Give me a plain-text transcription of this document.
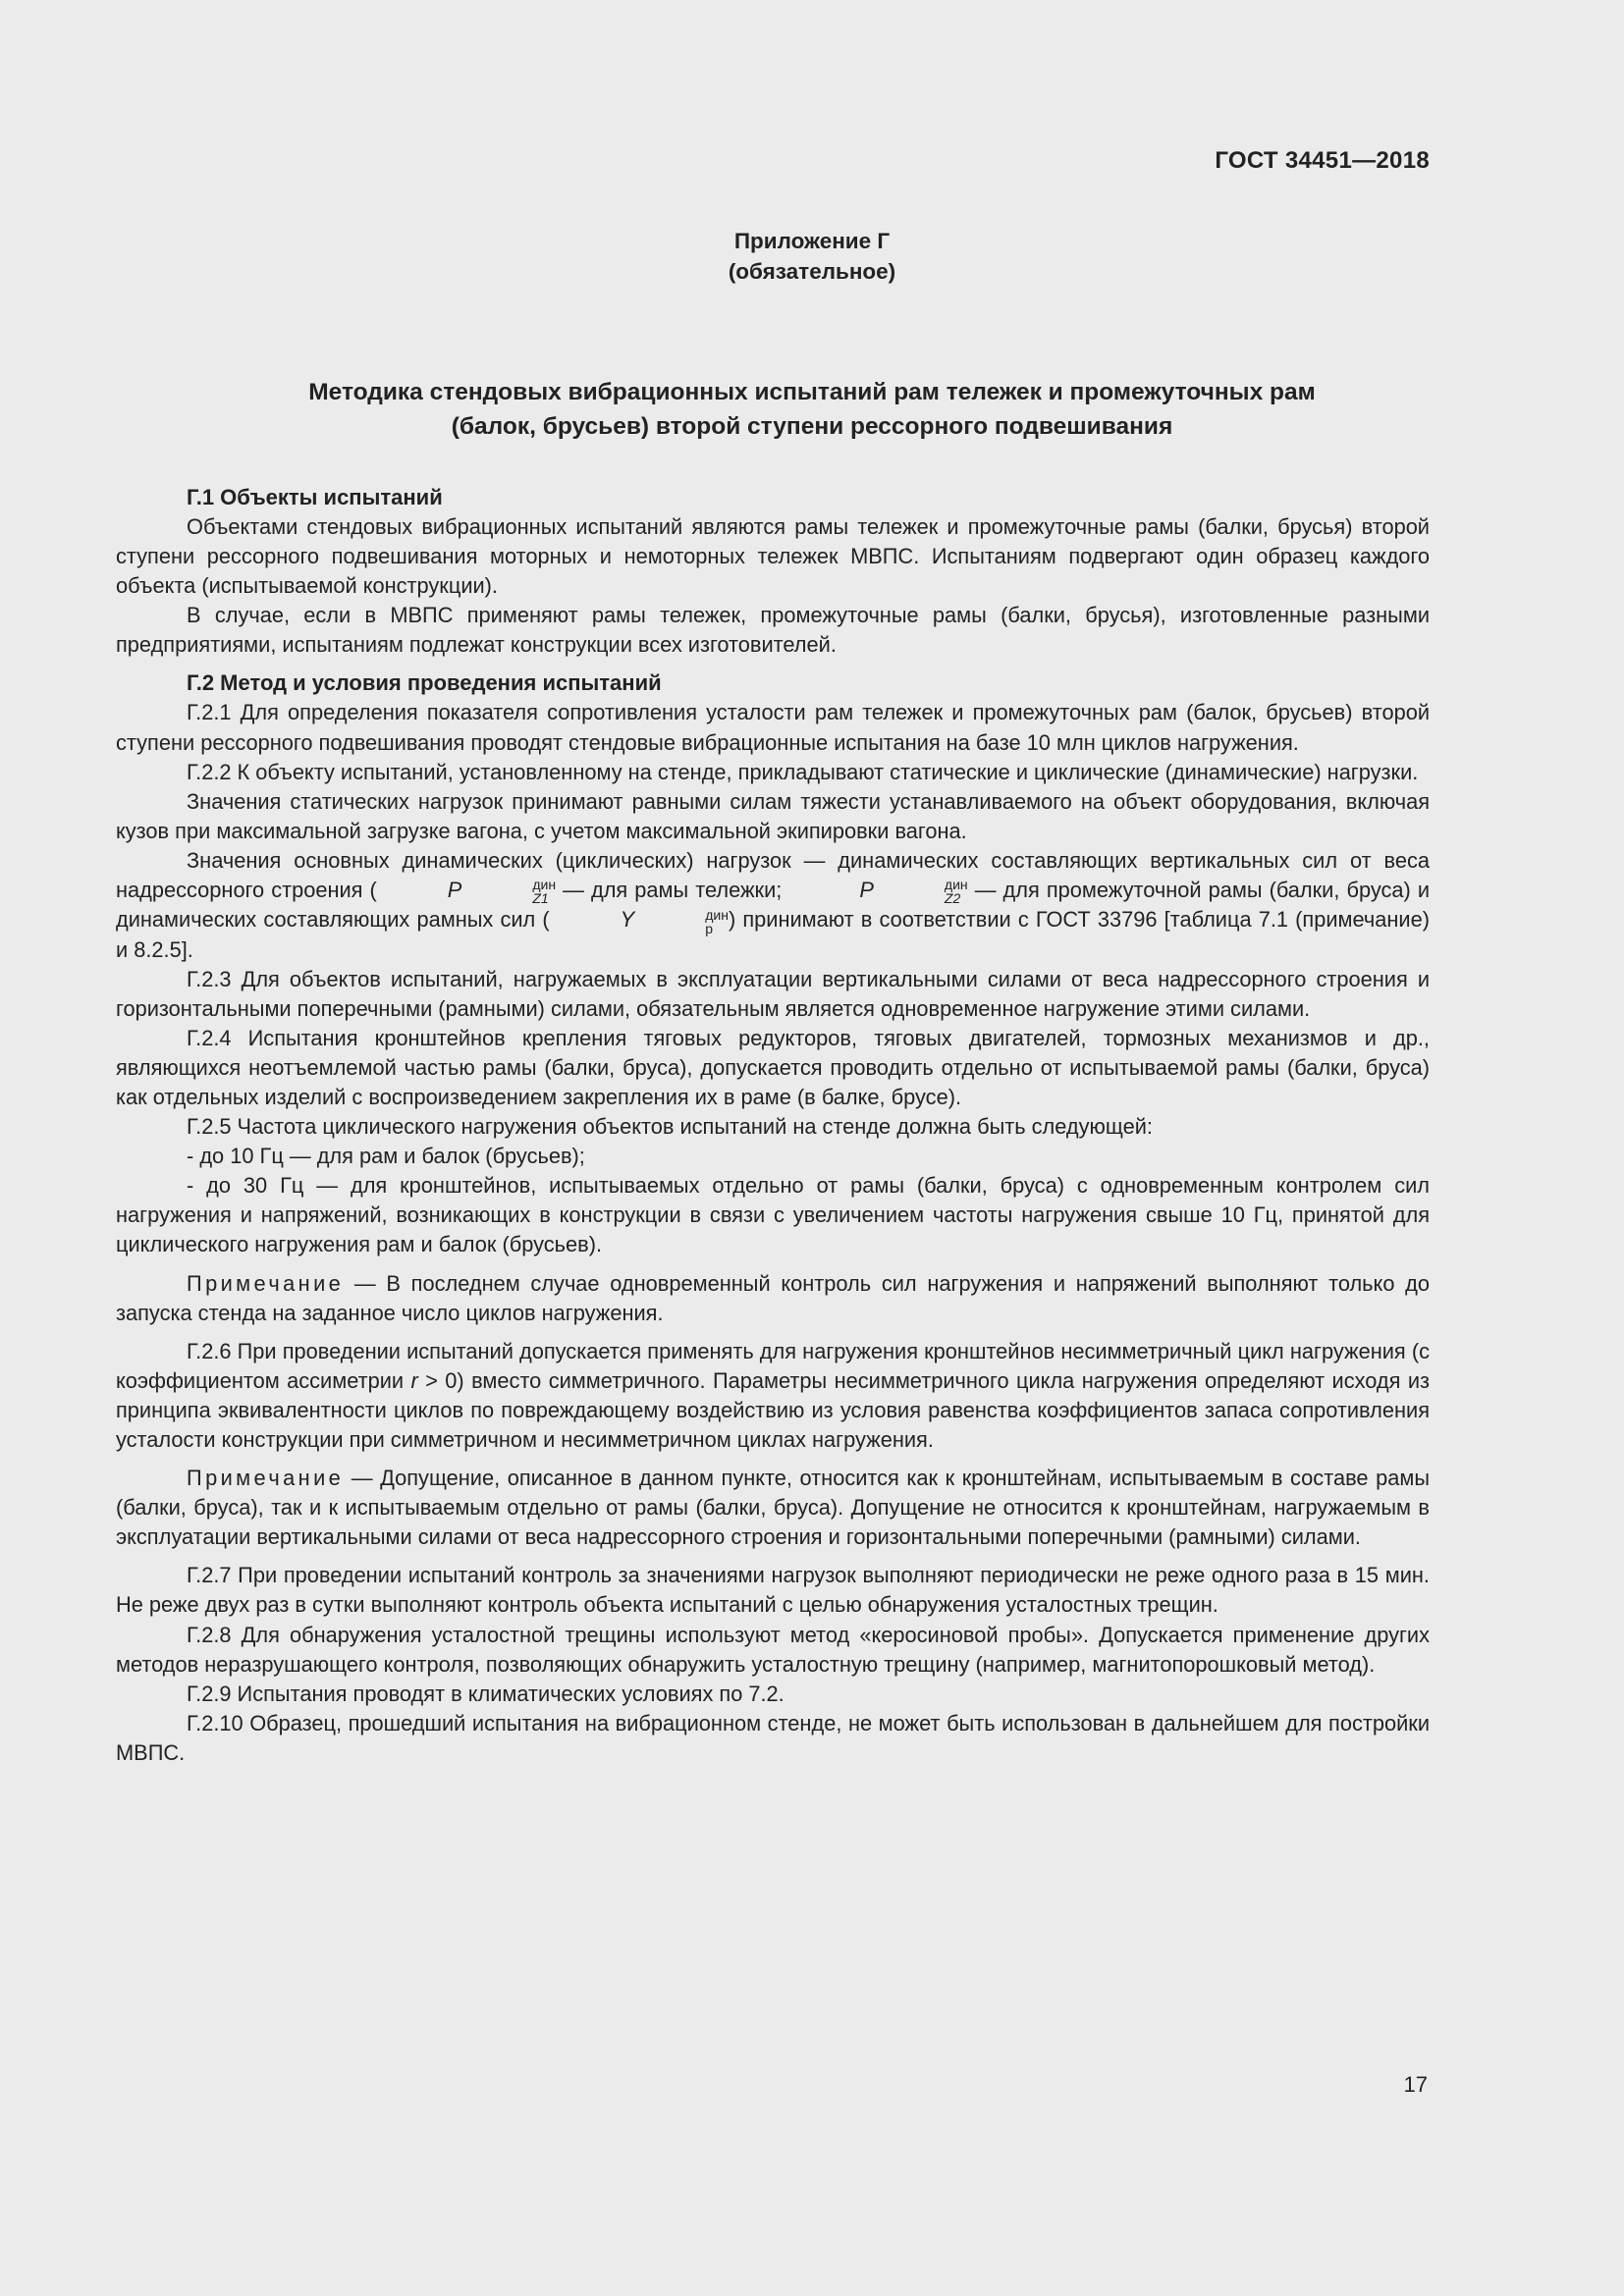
ГОСТ 34451—2018
Приложение Г
(обязательное)
Методика стендовых вибрационных испытаний рам тележек и промежуточных рам
(балок, брусьев) второй ступени рессорного подвешивания
Г.1 Объекты испытаний

Объектами стендовых вибрационных испытаний являются рамы тележек и промежуточные рамы (балки, брусья) второй ступени рессорного подвешивания моторных и немоторных тележек МВПС. Испытаниям подвергают один образец каждого объекта (испытываемой конструкции).

В случае, если в МВПС применяют рамы тележек, промежуточные рамы (балки, брусья), изготовленные разными предприятиями, испытаниям подлежат конструкции всех изготовителей.

Г.2 Метод и условия проведения испытаний

Г.2.1 Для определения показателя сопротивления усталости рам тележек и промежуточных рам (балок, брусьев) второй ступени рессорного подвешивания проводят стендовые вибрационные испытания на базе 10 млн циклов нагружения.

Г.2.2 К объекту испытаний, установленному на стенде, прикладывают статические и циклические (динамические) нагрузки.

Значения статических нагрузок принимают равными силам тяжести устанавливаемого на объект оборудования, включая кузов при максимальной загрузке вагона, с учетом максимальной экипировки вагона.

Значения основных динамических (циклических) нагрузок — динамических составляющих вертикальных сил от веса надрессорного строения (	P	дин
Z1 — для рамы тележки;	P	дин
Z2 — для промежуточной рамы (балки, бруса) и динамических составляющих рамных сил (	Y	дин
р ) принимают в соответствии с ГОСТ 33796 [таблица 7.1 (примечание) и 8.2.5].

Г.2.3 Для объектов испытаний, нагружаемых в эксплуатации вертикальными силами от веса надрессорного строения и горизонтальными поперечными (рамными) силами, обязательным является одновременное нагружение этими силами.

Г.2.4 Испытания кронштейнов крепления тяговых редукторов, тяговых двигателей, тормозных механизмов и др., являющихся неотъемлемой частью рамы (балки, бруса), допускается проводить отдельно от испытываемой рамы (балки, бруса) как отдельных изделий с воспроизведением закрепления их в раме (в балке, брусе).

Г.2.5 Частота циклического нагружения объектов испытаний на стенде должна быть следующей:

- до 10 Гц — для рам и балок (брусьев);

- до 30 Гц — для кронштейнов, испытываемых отдельно от рамы (балки, бруса) с одновременным контролем сил нагружения и напряжений, возникающих в конструкции в связи с увеличением частоты нагружения свыше 10 Гц, принятой для циклического нагружения рам и балок (брусьев).

Примечание — В последнем случае одновременный контроль сил нагружения и напряжений выполняют только до запуска стенда на заданное число циклов нагружения.

Г.2.6 При проведении испытаний допускается применять для нагружения кронштейнов несимметричный цикл нагружения (с коэффициентом ассиметрии r > 0) вместо симметричного. Параметры несимметричного цикла нагружения определяют исходя из принципа эквивалентности циклов по повреждающему воздействию из условия равенства коэффициентов запаса сопротивления усталости конструкции при симметричном и несимметричном циклах нагружения.

Примечание — Допущение, описанное в данном пункте, относится как к кронштейнам, испытываемым в составе рамы (балки, бруса), так и к испытываемым отдельно от рамы (балки, бруса). Допущение не относится к кронштейнам, нагружаемым в эксплуатации вертикальными силами от веса надрессорного строения и горизонтальными поперечными (рамными) силами.

Г.2.7 При проведении испытаний контроль за значениями нагрузок выполняют периодически не реже одного раза в 15 мин. Не реже двух раз в сутки выполняют контроль объекта испытаний с целью обнаружения усталостных трещин.

Г.2.8 Для обнаружения усталостной трещины используют метод «керосиновой пробы». Допускается применение других методов неразрушающего контроля, позволяющих обнаружить усталостную трещину (например, магнитопорошковый метод).

Г.2.9 Испытания проводят в климатических условиях по 7.2.

Г.2.10 Образец, прошедший испытания на вибрационном стенде, не может быть использован в дальнейшем для постройки МВПС.

17
